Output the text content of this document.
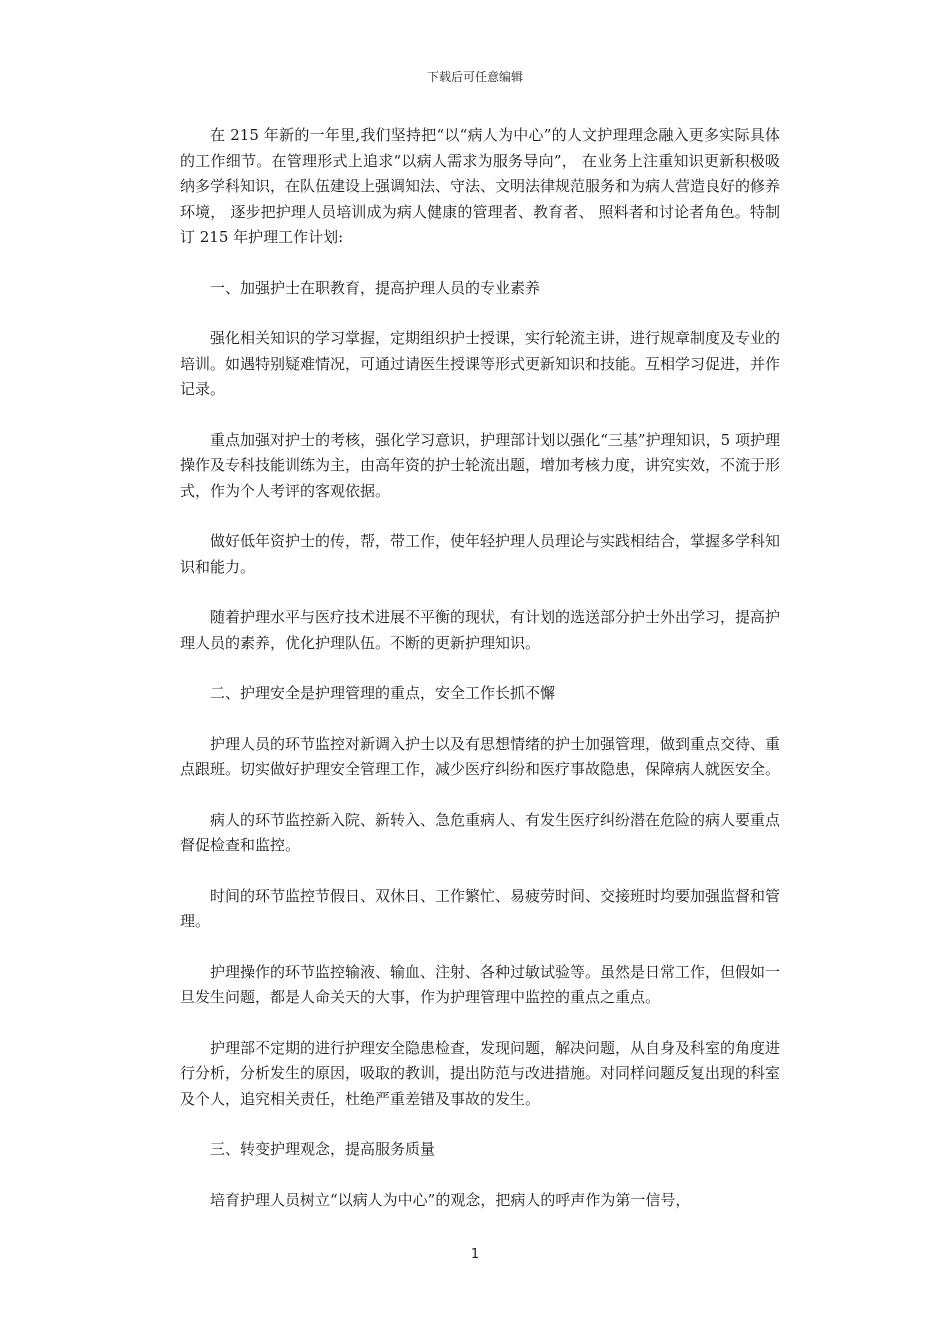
下载后可任意编辑

在 215 年新的一年里,我们坚持把“以“病人为中心”的人文护理理念融入更多实际具体的工作细节。在管理形式上追求“以病人需求为服务导向”， 在业务上注重知识更新积极吸纳多学科知识，在队伍建设上强调知法、守法、文明法律规范服务和为病人营造良好的修养环境， 逐步把护理人员培训成为病人健康的管理者、教育者、 照料者和讨论者角色。特制订 215 年护理工作计划:

一、加强护士在职教育，提高护理人员的专业素养

强化相关知识的学习掌握，定期组织护士授课，实行轮流主讲，进行规章制度及专业的培训。如遇特别疑难情况，可通过请医生授课等形式更新知识和技能。互相学习促进，并作记录。

重点加强对护士的考核，强化学习意识，护理部计划以强化“三基”护理知识，5 项护理操作及专科技能训练为主，由高年资的护士轮流出题，增加考核力度，讲究实效，不流于形式，作为个人考评的客观依据。

做好低年资护士的传，帮，带工作，使年轻护理人员理论与实践相结合，掌握多学科知识和能力。

随着护理水平与医疗技术进展不平衡的现状，有计划的选送部分护士外出学习，提高护理人员的素养，优化护理队伍。不断的更新护理知识。

二、护理安全是护理管理的重点，安全工作长抓不懈

护理人员的环节监控对新调入护士以及有思想情绪的护士加强管理，做到重点交待、重点跟班。切实做好护理安全管理工作，减少医疗纠纷和医疗事故隐患，保障病人就医安全。

病人的环节监控新入院、新转入、急危重病人、有发生医疗纠纷潜在危险的病人要重点督促检查和监控。

时间的环节监控节假日、双休日、工作繁忙、易疲劳时间、交接班时均要加强监督和管理。

护理操作的环节监控输液、输血、注射、各种过敏试验等。虽然是日常工作，但假如一旦发生问题，都是人命关天的大事，作为护理管理中监控的重点之重点。

护理部不定期的进行护理安全隐患检查，发现问题，解决问题，从自身及科室的角度进行分析，分析发生的原因，吸取的教训，提出防范与改进措施。对同样问题反复出现的科室及个人，追究相关责任，杜绝严重差错及事故的发生。

三、转变护理观念，提高服务质量

培育护理人员树立“以病人为中心”的观念，把病人的呼声作为第一信号，

1
